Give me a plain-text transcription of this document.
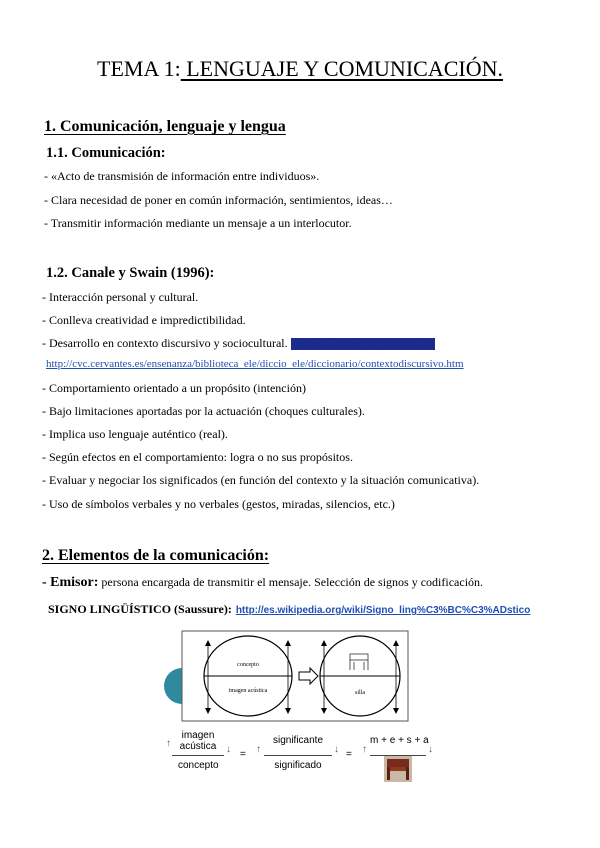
TEMA 1: LENGUAJE Y COMUNICACIÓN.
1. Comunicación, lenguaje y lengua
1.1. Comunicación:
- «Acto de transmisión de información entre individuos».
- Clara necesidad de poner en común información, sentimientos, ideas…
- Transmitir información mediante un mensaje a un interlocutor.
1.2. Canale y Swain (1996):
- Interacción personal y cultural.
- Conlleva creatividad e impredictibilidad.
- Desarrollo en contexto discursivo y sociocultural. contexto discursivo (definición)
http://cvc.cervantes.es/ensenanza/biblioteca_ele/diccio_ele/diccionario/contextodiscursivo.htm
- Comportamiento orientado a un propósito (intención)
- Bajo limitaciones aportadas por la actuación (choques culturales).
- Implica uso lenguaje auténtico (real).
- Según efectos en el comportamiento: logra o no sus propósitos.
- Evaluar y negociar los significados (en función del contexto y la situación comunicativa).
- Uso de símbolos verbales y no verbales (gestos, miradas, silencios, etc.)
2. Elementos de la comunicación:
- Emisor: persona encargada de transmitir el mensaje. Selección de signos y codificación.
SIGNO LINGÜÍSTICO (Saussure): http://es.wikipedia.org/wiki/Signo_ling%C3%BC%C3%ADstico
concepto
imagen acústica	silla
imagen
acústica
concepto
↑
↓ =
significante
significado
↑	↓ =
m + e + s + a
↑	↓
